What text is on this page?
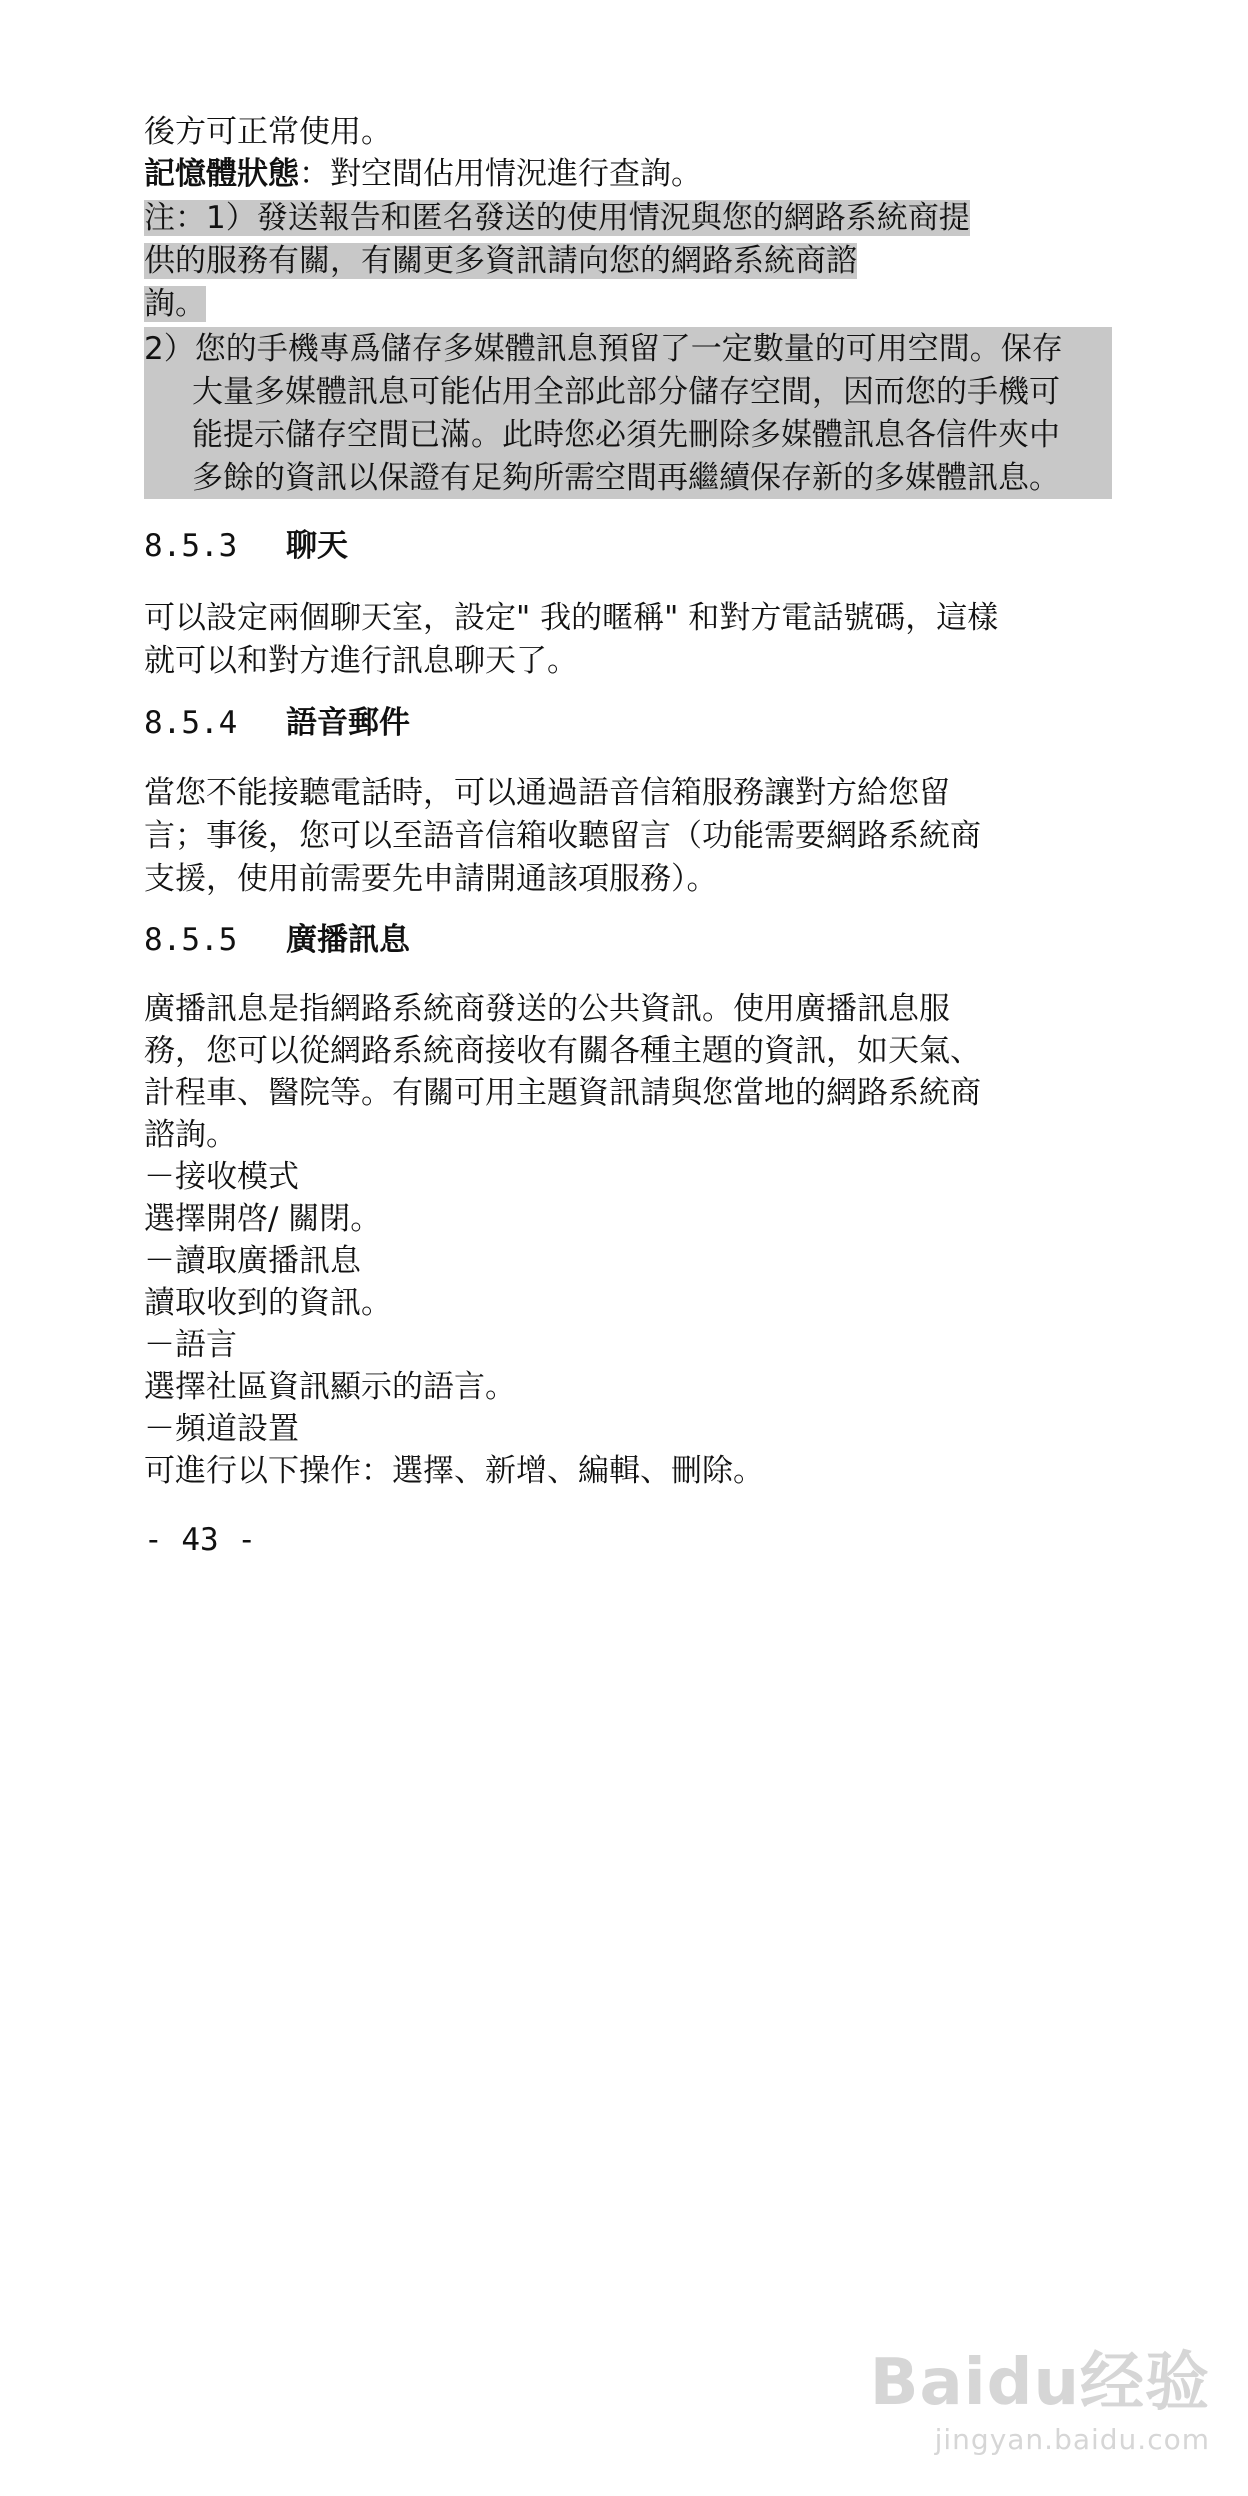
後方可正常使用。
記憶體狀態：對空間佔用情況進行查詢。
注：1）發送報告和匿名發送的使用情況與您的網路系統商提
供的服務有關，有關更多資訊請向您的網路系統商諮
詢。
2）您的手機專爲儲存多媒體訊息預留了一定數量的可用空間。保存
大量多媒體訊息可能佔用全部此部分儲存空間，因而您的手機可
能提示儲存空間已滿。此時您必須先刪除多媒體訊息各信件夾中
多餘的資訊以保證有足夠所需空間再繼續保存新的多媒體訊息。
8.5.3 聊天
可以設定兩個聊天室，設定" 我的暱稱" 和對方電話號碼，這樣
就可以和對方進行訊息聊天了。
8.5.4 語音郵件
當您不能接聽電話時，可以通過語音信箱服務讓對方給您留
言；事後，您可以至語音信箱收聽留言（功能需要網路系統商
支援，使用前需要先申請開通該項服務）。
8.5.5 廣播訊息
廣播訊息是指網路系統商發送的公共資訊。使用廣播訊息服
務，您可以從網路系統商接收有關各種主題的資訊，如天氣、
計程車、醫院等。有關可用主題資訊請與您當地的網路系統商
諮詢。
－接收模式
選擇開啓/ 關閉。
－讀取廣播訊息
讀取收到的資訊。
－語言
選擇社區資訊顯示的語言。
－頻道設置
可進行以下操作：選擇、新增、編輯、刪除。
- 43 -
Baidu经验
jingyan.baidu.com
